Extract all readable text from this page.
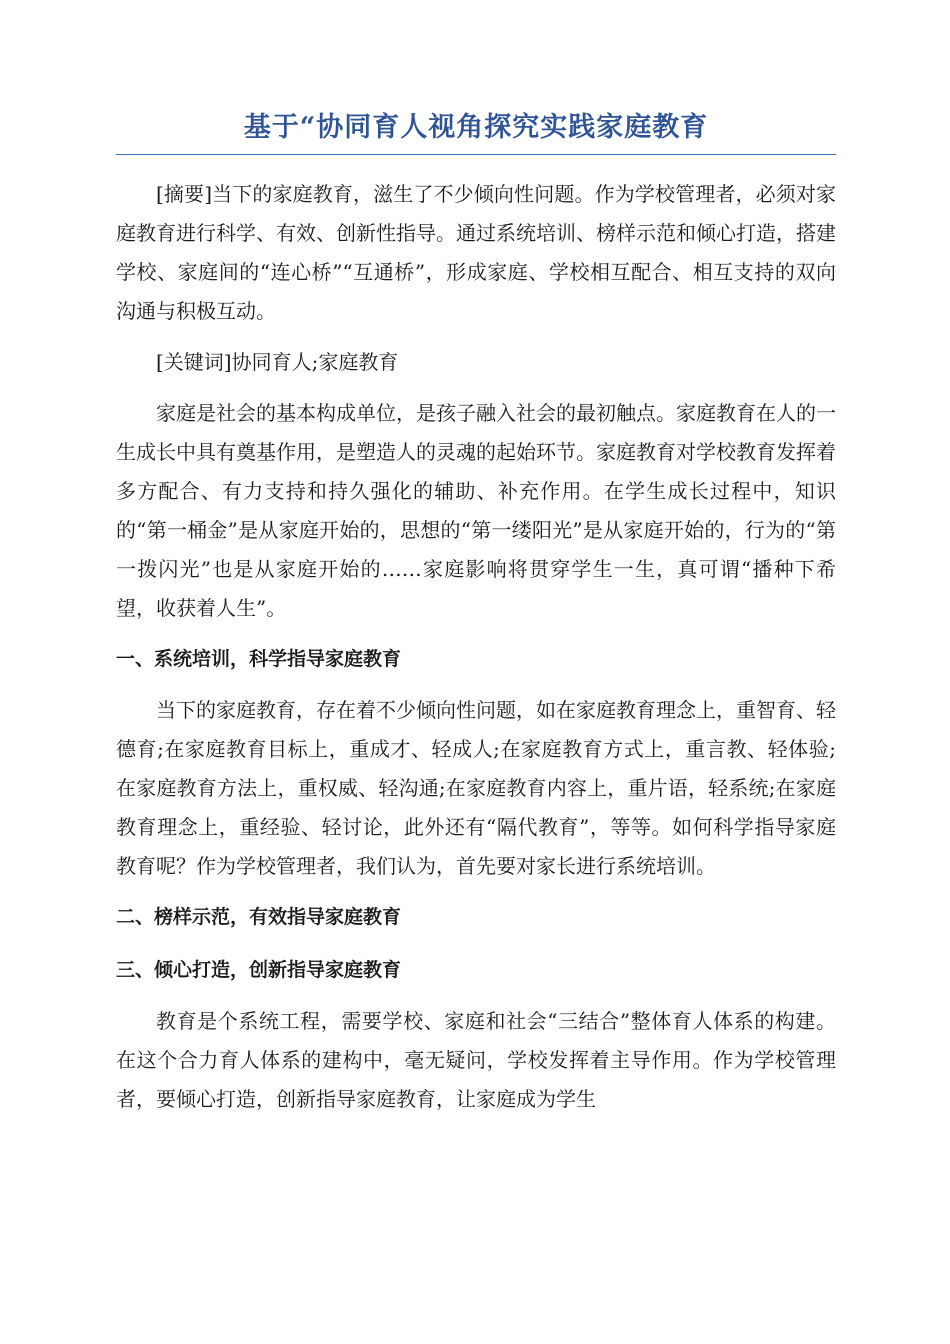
基于“协同育人视角探究实践家庭教育

[摘要]当下的家庭教育，滋生了不少倾向性问题。作为学校管理者，必须对家庭教育进行科学、有效、创新性指导。通过系统培训、榜样示范和倾心打造，搭建学校、家庭间的“连心桥”“互通桥”，形成家庭、学校相互配合、相互支持的双向沟通与积极互动。

[关键词]协同育人;家庭教育

家庭是社会的基本构成单位，是孩子融入社会的最初触点。家庭教育在人的一生成长中具有奠基作用，是塑造人的灵魂的起始环节。家庭教育对学校教育发挥着多方配合、有力支持和持久强化的辅助、补充作用。在学生成长过程中，知识的“第一桶金”是从家庭开始的，思想的“第一缕阳光”是从家庭开始的，行为的“第一拨闪光”也是从家庭开始的……家庭影响将贯穿学生一生，真可谓“播种下希望，收获着人生”。

一、系统培训，科学指导家庭教育

当下的家庭教育，存在着不少倾向性问题，如在家庭教育理念上，重智育、轻德育;在家庭教育目标上，重成才、轻成人;在家庭教育方式上，重言教、轻体验;在家庭教育方法上，重权威、轻沟通;在家庭教育内容上，重片语，轻系统;在家庭教育理念上，重经验、轻讨论，此外还有“隔代教育”，等等。如何科学指导家庭教育呢？作为学校管理者，我们认为，首先要对家长进行系统培训。

二、榜样示范，有效指导家庭教育
三、倾心打造，创新指导家庭教育

教育是个系统工程，需要学校、家庭和社会“三结合”整体育人体系的构建。在这个合力育人体系的建构中，毫无疑问，学校发挥着主导作用。作为学校管理者，要倾心打造，创新指导家庭教育，让家庭成为学生
